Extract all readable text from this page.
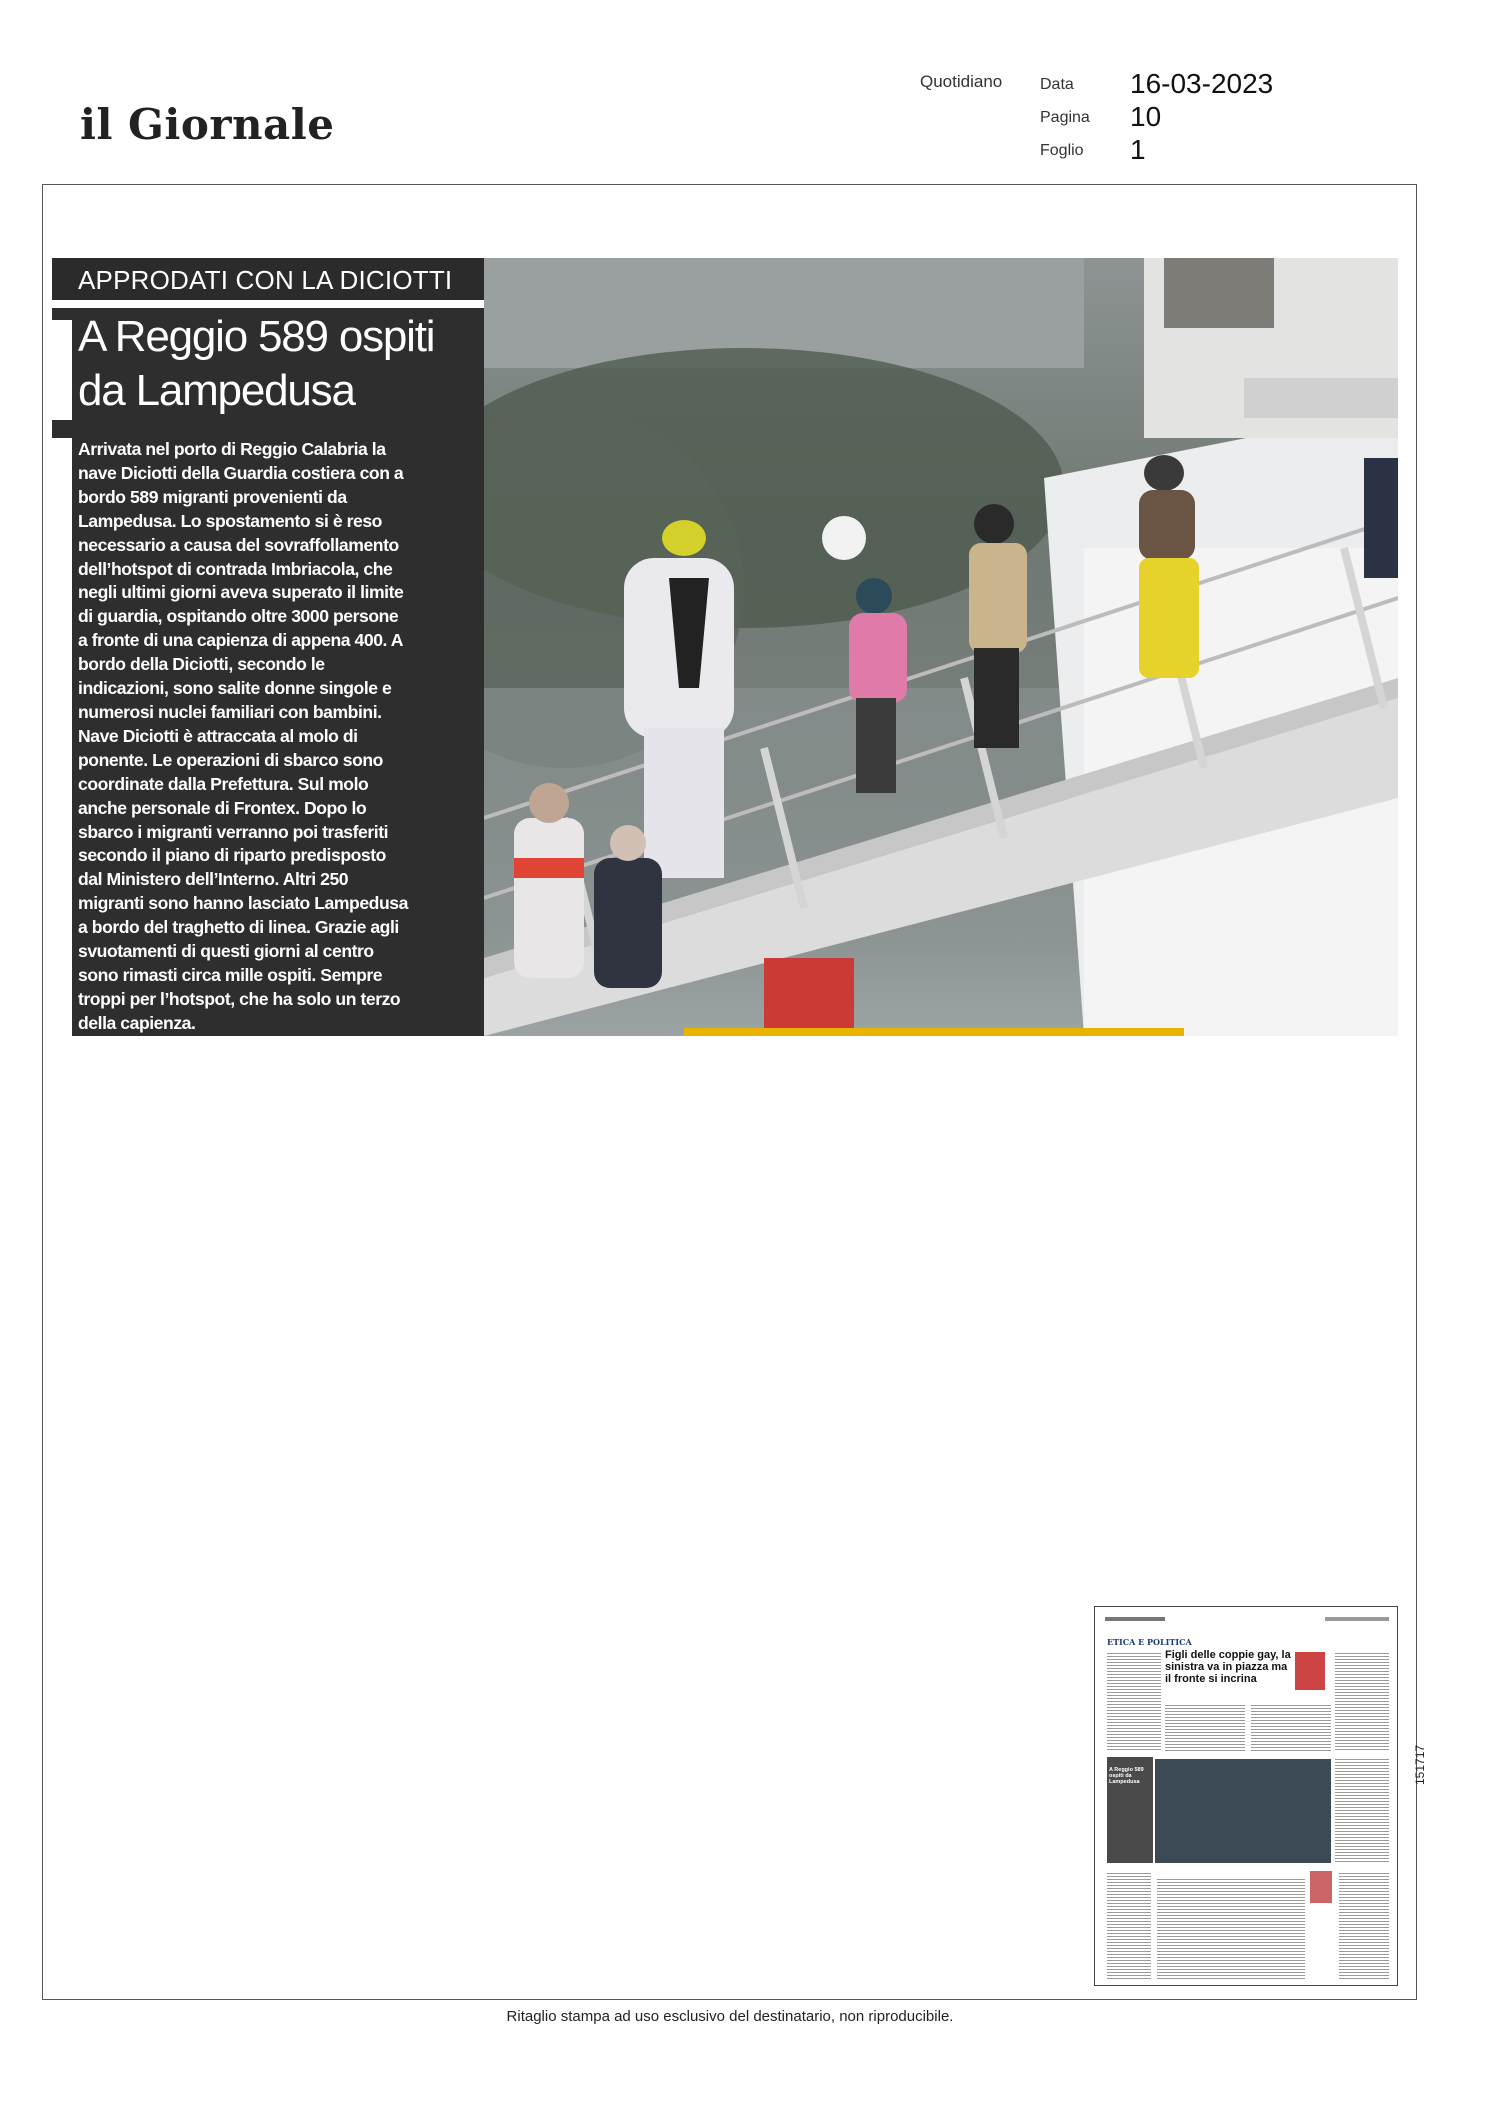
il Giornale
Quotidiano Data 16-03-2023
Pagina 10
Foglio 1
APPRODATI CON LA DICIOTTI
A Reggio 589 ospiti
da Lampedusa
Arrivata nel porto di Reggio Calabria la
nave Diciotti della Guardia costiera con a
bordo 589 migranti provenienti da
Lampedusa. Lo spostamento si è reso
necessario a causa del sovraffollamento
dell’hotspot di contrada Imbriacola, che
negli ultimi giorni aveva superato il limite
di guardia, ospitando oltre 3000 persone
a fronte di una capienza di appena 400. A
bordo della Diciotti, secondo le
indicazioni, sono salite donne singole e
numerosi nuclei familiari con bambini.
Nave Diciotti è attraccata al molo di
ponente. Le operazioni di sbarco sono
coordinate dalla Prefettura. Sul molo
anche personale di Frontex. Dopo lo
sbarco i migranti verranno poi trasferiti
secondo il piano di riparto predisposto
dal Ministero dell’Interno. Altri 250
migranti sono hanno lasciato Lampedusa
a bordo del traghetto di linea. Grazie agli
svuotamenti di questi giorni al centro
sono rimasti circa mille ospiti. Sempre
troppi per l’hotspot, che ha solo un terzo
della capienza.
ETICA E POLITICA
Figli delle coppie gay, la sinistra va in piazza ma il fronte si incrina
A Reggio 589 ospiti da Lampedusa	151717
Ritaglio stampa ad uso esclusivo del destinatario, non riproducibile.
